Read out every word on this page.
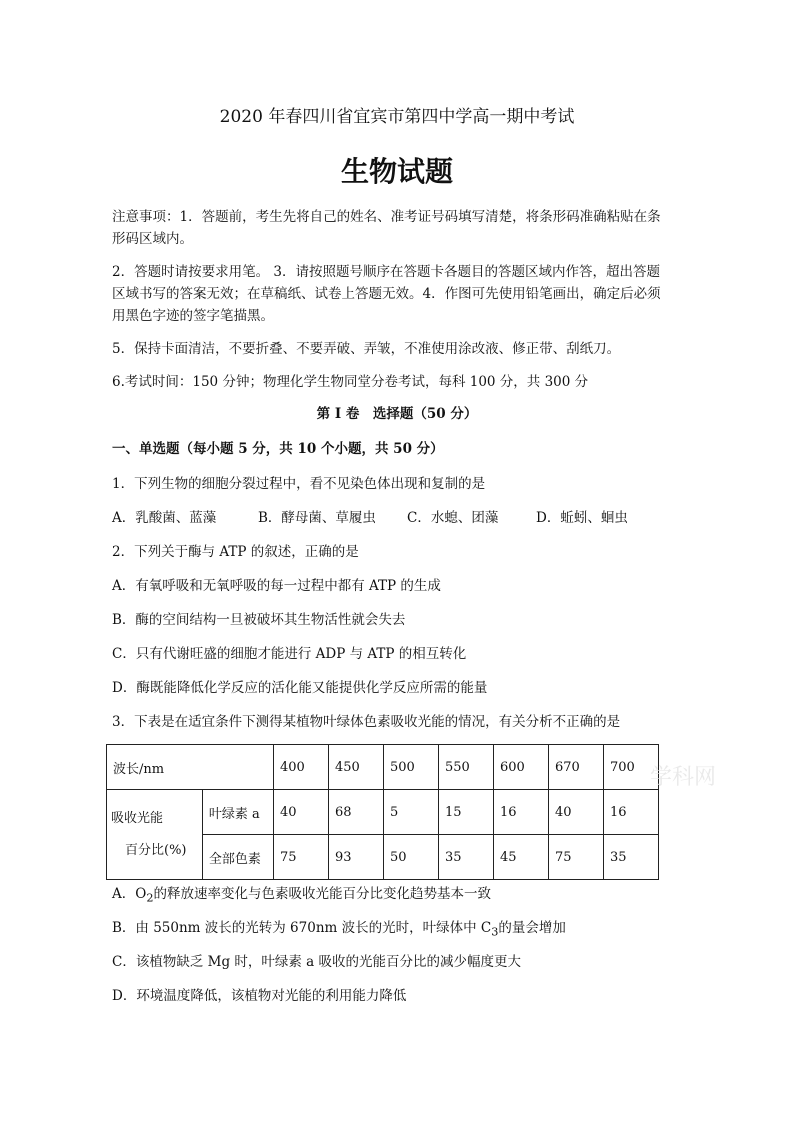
2020 年春四川省宜宾市第四中学高一期中考试
生物试题
注意事项：1．答题前，考生先将自己的姓名、准考证号码填写清楚，将条形码准确粘贴在条
形码区域内。
2．答题时请按要求用笔。 3．请按照题号顺序在答题卡各题目的答题区域内作答，超出答题
区域书写的答案无效；在草稿纸、试卷上答题无效。4．作图可先使用铅笔画出，确定后必须
用黑色字迹的签字笔描黑。
5．保持卡面清洁，不要折叠、不要弄破、弄皱，不准使用涂改液、修正带、刮纸刀。
6.考试时间：150 分钟；物理化学生物同堂分卷考试，每科 100 分，共 300 分
第 I 卷　选择题（50 分）
一、单选题（每小题 5 分，共 10 个小题，共 50 分）
1．下列生物的细胞分裂过程中，看不见染色体出现和复制的是
A．乳酸菌、蓝藻	B．酵母菌、草履虫 C．水螅、团藻	D．蚯蚓、蛔虫
2．下列关于酶与 ATP 的叙述，正确的是
A．有氧呼吸和无氧呼吸的每一过程中都有 ATP 的生成
B．酶的空间结构一旦被破坏其生物活性就会失去
C．只有代谢旺盛的细胞才能进行 ADP 与 ATP 的相互转化
D．酶既能降低化学反应的活化能又能提供化学反应所需的能量
3．下表是在适宜条件下测得某植物叶绿体色素吸收光能的情况，有关分析不正确的是
波长/nm		400	450	500	550	600	670	700

吸收光能
百分比(%)	叶绿素 a	40	68	5	15	16	40	16
	全部色素	75	93	50	35	45	75	35
学科网
A．$O_2$的释放速率变化与色素吸收光能百分比变化趋势基本一致
B．由 550nm 波长的光转为 670nm 波长的光时，叶绿体中 $C_3$的量会增加
C．该植物缺乏 Mg 时，叶绿素 a 吸收的光能百分比的减少幅度更大
D．环境温度降低，该植物对光能的利用能力降低
